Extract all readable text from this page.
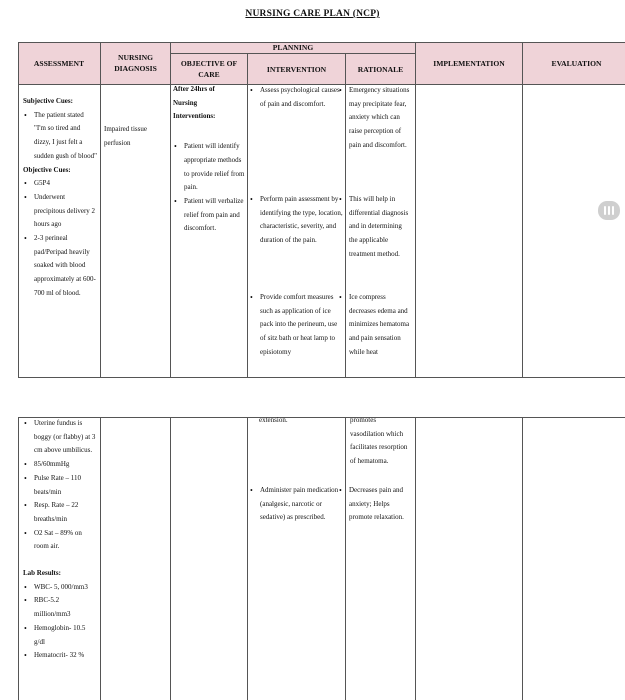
NURSING CARE PLAN (NCP)
ASSESSMENT
NURSING DIAGNOSIS
PLANNING
OBJECTIVE OF CARE
INTERVENTION	RATIONALE
IMPLEMENTATION	EVALUATION

Subjective Cues:

• The patient stated "I'm so tired and dizzy, I just felt a sudden gush of blood"

Objective Cues:

• G5P4
• Underwent precipitous delivery 2 hours ago
• 2-3 perineal pad/Peripad heavily soaked with blood approximately at 600-700 ml of blood.
Impaired tissue perfusion

After 24hrs of

Nursing

Interventions:

• Patient will identify appropriate methods to provide relief from pain.
• Patient will verbalize relief from pain and discomfort.
• Assess psychological causes of pain and discomfort.
• Perform pain assessment by identifying the type, location, characteristic, severity, and duration of the pain.
• Provide comfort measures such as application of ice pack into the perineum, use of sitz bath or heat lamp to episiotomy
• Emergency situations may precipitate fear, anxiety which can raise perception of pain and discomfort.
• This will help in differential diagnosis and in determining the applicable treatment method.
• Ice compress decreases edema and minimizes hematoma and pain sensation while heat
• Uterine fundus is boggy (or flabby) at 3 cm above umbilicus.
• 85/60mmHg
• Pulse Rate – 110 beats/min
• Resp. Rate – 22 breaths/min
• O2 Sat – 89% on room air.

Lab Results:

• WBC- 5, 000/mm3
• RBC-5.2 million/mm3
• Hemoglobin- 10.5 g/dl
• Hematocrit- 32 %
extension.
• Administer pain medication (analgesic, narcotic or sedative) as prescribed.
promotes vasodilation which facilitates resorption of hematoma.
• Decreases pain and anxiety; Helps promote relaxation.
